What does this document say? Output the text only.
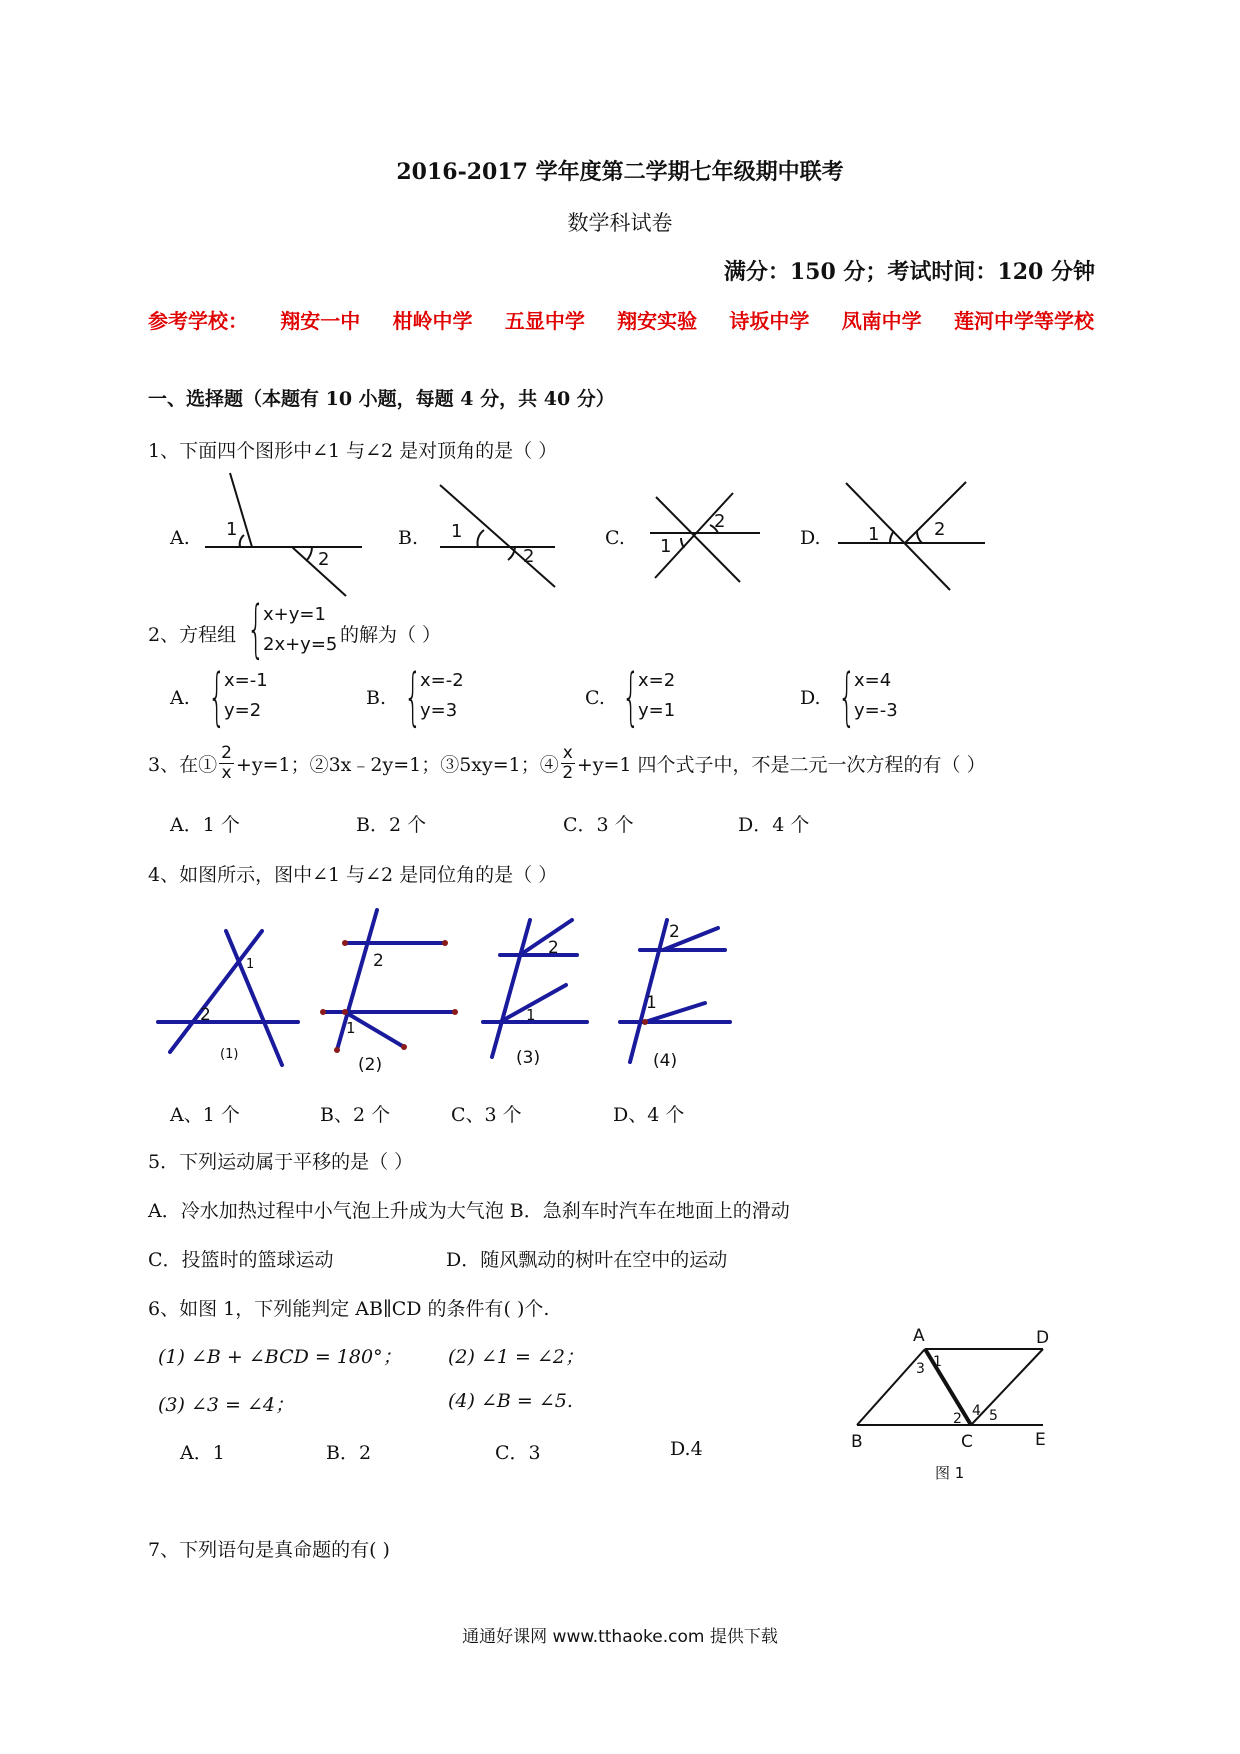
2016-2017 学年度第二学期七年级期中联考
数学科试卷
满分：150 分；考试时间：120 分钟
参考学校： 翔安一中 柑岭中学 五显中学 翔安实验 诗坂中学 凤南中学 莲河中学等学校
一、选择题（本题有 10 小题，每题 4 分，共 40 分）
1、下面四个图形中∠1 与∠2 是对顶角的是（ ）
A.	B.	C.	D.
1
2
1
2	1
2
1	2
2、方程组 {
x+y=1
2x+y=5 的解为（ ）
A. {
x=-1
y=2
B. {
x=-2
y=3
C. {
x=2
y=1
D. {
x=4
y=-3
3、在① $\frac{2}{x} +y=1$；②3x﹣2y=1；③5xy=1；④ $\frac{x}{2} +y=1$ 四个式子中，不是二元一次方程的有（ ）
A．1 个	B．2 个	C．3 个	D．4 个
4、如图所示，图中∠1 与∠2 是同位角的是（ ）
1
2
(1)
2
1
(2)
2
1
(3)
2
1
(4)
A、1 个	B、2 个	C、3 个	D、4 个
5．下列运动属于平移的是（ ）
A．冷水加热过程中小气泡上升成为大气泡 B．急刹车时汽车在地面上的滑动
C．投篮时的篮球运动	D．随风飘动的树叶在空中的运动
6、如图 1，下列能判定 AB∥CD 的条件有( )个.
(1) ∠B + ∠BCD = 180°； (2) ∠1 = ∠2；
(3) ∠3 = ∠4；	(4) ∠B = ∠5.
A．1	B．2	C．3	D.4
A	D
B	C	E
1
3
2 4 5
图 1
7、下列语句是真命题的有( )
通通好课网 www.tthaoke.com 提供下载
